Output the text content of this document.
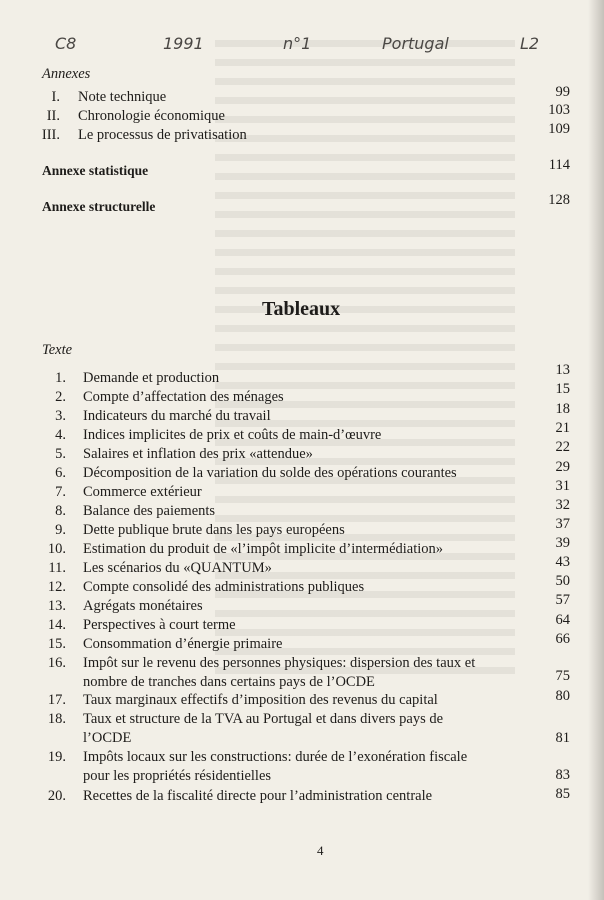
C8	1991	n°1	Portugal	L2
Annexes
I. Note technique	99
II. Chronologie économique	103
III. Le processus de privatisation	109
Annexe statistique	114
Annexe structurelle	128
Tableaux
Texte
1. Demande et production	13
2. Compte d’affectation des ménages	15
3. Indicateurs du marché du travail	18
4. Indices implicites de prix et coûts de main-d’œuvre	21
5. Salaires et inflation des prix «attendue»	22
6. Décomposition de la variation du solde des opérations courantes	29
7. Commerce extérieur	31
8. Balance des paiements	32
9. Dette publique brute dans les pays européens	37
10. Estimation du produit de «l’impôt implicite d’intermédiation»	39
11. Les scénarios du «QUANTUM»	43
12. Compte consolidé des administrations publiques	50
13. Agrégats monétaires	57
14. Perspectives à court terme	64
15. Consommation d’énergie primaire	66
16. Impôt sur le revenu des personnes physiques: dispersion des taux et
nombre de tranches dans certains pays de l’OCDE	75
17. Taux marginaux effectifs d’imposition des revenus du capital	80
18. Taux et structure de la TVA au Portugal et dans divers pays de
l’OCDE	81
19. Impôts locaux sur les constructions: durée de l’exonération fiscale
pour les propriétés résidentielles	83
20. Recettes de la fiscalité directe pour l’administration centrale	85
4
